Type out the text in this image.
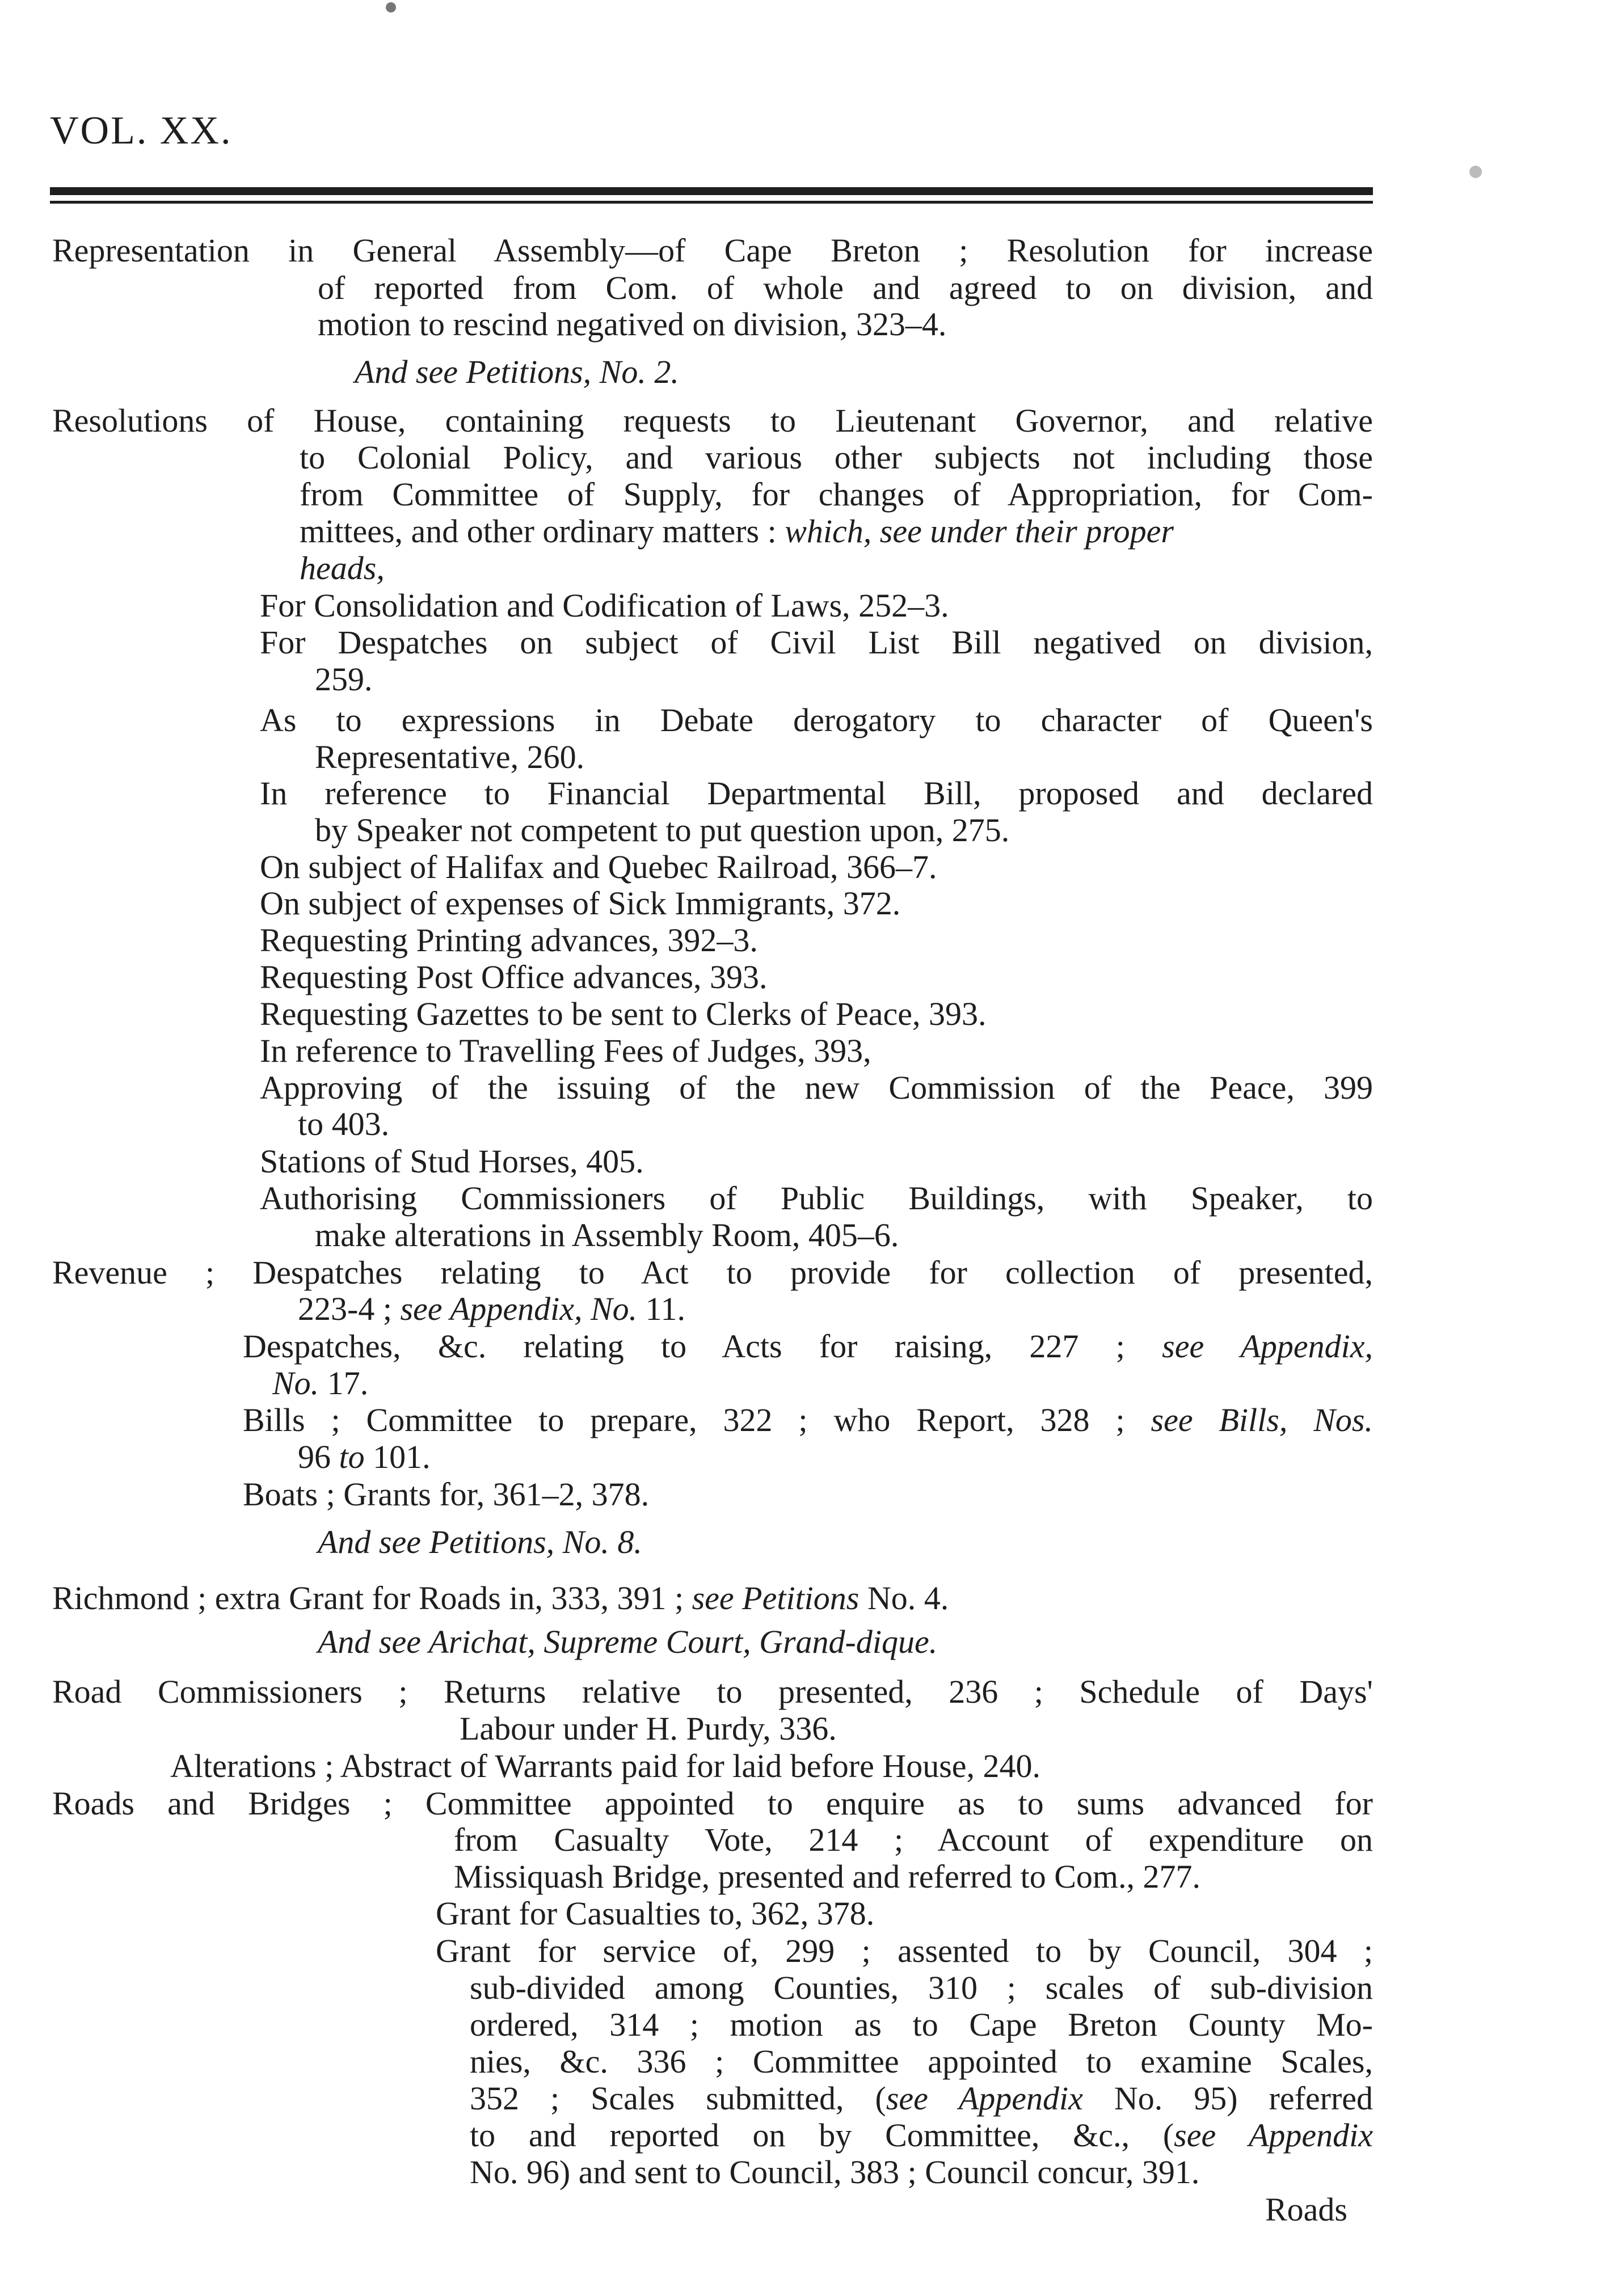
VOL. XX.

Representation in General Assembly—of Cape Breton ; Resolution for increase

of reported from Com. of whole and agreed to on division, and

motion to rescind negatived on division, 323–4.

And see Petitions, No. 2.

Resolutions of House, containing requests to Lieutenant Governor, and relative

to Colonial Policy, and various other subjects not including those

from Committee of Supply, for changes of Appropriation, for Com-

mittees, and other ordinary matters : which, see under their proper

heads,

For Consolidation and Codification of Laws, 252–3.

For Despatches on subject of Civil List Bill negatived on division,

259.

As to expressions in Debate derogatory to character of Queen's

Representative, 260.

In reference to Financial Departmental Bill, proposed and declared

by Speaker not competent to put question upon, 275.

On subject of Halifax and Quebec Railroad, 366–7.

On subject of expenses of Sick Immigrants, 372.

Requesting Printing advances, 392–3.

Requesting Post Office advances, 393.

Requesting Gazettes to be sent to Clerks of Peace, 393.

In reference to Travelling Fees of Judges, 393,

Approving of the issuing of the new Commission of the Peace, 399

to 403.

Stations of Stud Horses, 405.

Authorising Commissioners of Public Buildings, with Speaker, to

make alterations in Assembly Room, 405–6.

Revenue ; Despatches relating to Act to provide for collection of presented,

223-4 ; see Appendix, No. 11.

Despatches, &c. relating to Acts for raising, 227 ; see Appendix,

No. 17.

Bills ; Committee to prepare, 322 ; who Report, 328 ; see Bills, Nos.

96 to 101.

Boats ; Grants for, 361–2, 378.

And see Petitions, No. 8.

Richmond ; extra Grant for Roads in, 333, 391 ; see Petitions No. 4.

And see Arichat, Supreme Court, Grand-dique.

Road Commissioners ; Returns relative to presented, 236 ; Schedule of Days'

Labour under H. Purdy, 336.

Alterations ; Abstract of Warrants paid for laid before House, 240.

Roads and Bridges ; Committee appointed to enquire as to sums advanced for

from Casualty Vote, 214 ; Account of expenditure on

Missiquash Bridge, presented and referred to Com., 277.

Grant for Casualties to, 362, 378.

Grant for service of, 299 ; assented to by Council, 304 ;

sub-divided among Counties, 310 ; scales of sub-division

ordered, 314 ; motion as to Cape Breton County Mo-

nies, &c. 336 ; Committee appointed to examine Scales,

352 ; Scales submitted, (see Appendix No. 95) referred

to and reported on by Committee, &c., (see Appendix

No. 96) and sent to Council, 383 ; Council concur, 391.

Roads
